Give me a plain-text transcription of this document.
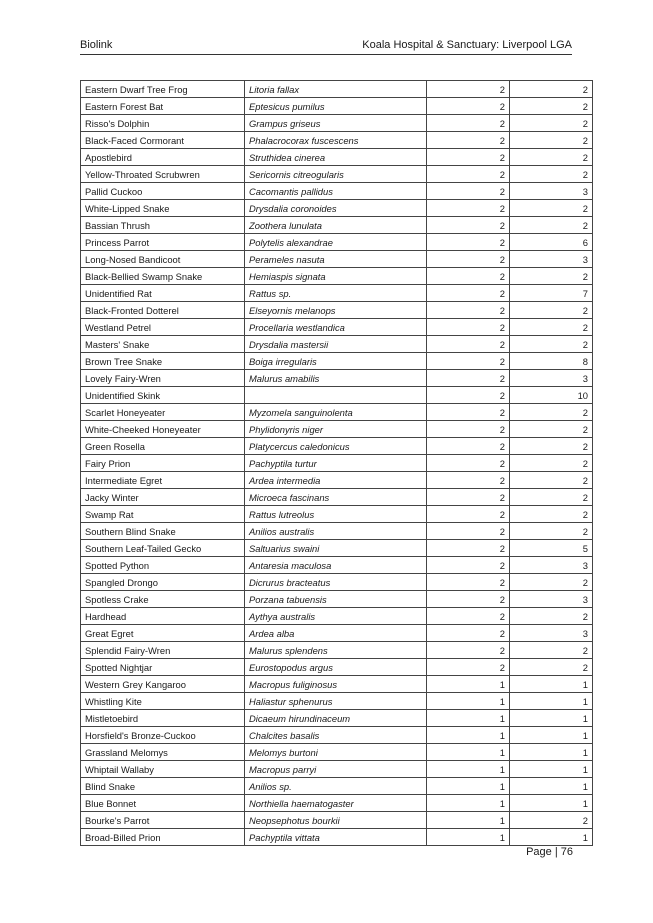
Biolink	Koala Hospital & Sanctuary: Liverpool LGA
Eastern Dwarf Tree Frog	Litoria fallax	2	2
Eastern Forest Bat	Eptesicus pumilus	2	2
Risso's Dolphin	Grampus griseus	2	2
Black-Faced Cormorant	Phalacrocorax fuscescens	2	2
Apostlebird	Struthidea cinerea	2	2
Yellow-Throated Scrubwren	Sericornis citreogularis	2	2
Pallid Cuckoo	Cacomantis pallidus	2	3
White-Lipped Snake	Drysdalia coronoides	2	2
Bassian Thrush	Zoothera lunulata	2	2
Princess Parrot	Polytelis alexandrae	2	6
Long-Nosed Bandicoot	Perameles nasuta	2	3
Black-Bellied Swamp Snake	Hemiaspis signata	2	2
Unidentified Rat	Rattus sp.	2	7
Black-Fronted Dotterel	Elseyornis melanops	2	2
Westland Petrel	Procellaria westlandica	2	2
Masters' Snake	Drysdalia mastersii	2	2
Brown Tree Snake	Boiga irregularis	2	8
Lovely Fairy-Wren	Malurus amabilis	2	3
Unidentified Skink		2	10
Scarlet Honeyeater	Myzomela sanguinolenta	2	2
White-Cheeked Honeyeater	Phylidonyris niger	2	2
Green Rosella	Platycercus caledonicus	2	2
Fairy Prion	Pachyptila turtur	2	2
Intermediate Egret	Ardea intermedia	2	2
Jacky Winter	Microeca fascinans	2	2
Swamp Rat	Rattus lutreolus	2	2
Southern Blind Snake	Anilios australis	2	2
Southern Leaf-Tailed Gecko	Saltuarius swaini	2	5
Spotted Python	Antaresia maculosa	2	3
Spangled Drongo	Dicrurus bracteatus	2	2
Spotless Crake	Porzana tabuensis	2	3
Hardhead	Aythya australis	2	2
Great Egret	Ardea alba	2	3
Splendid Fairy-Wren	Malurus splendens	2	2
Spotted Nightjar	Eurostopodus argus	2	2
Western Grey Kangaroo	Macropus fuliginosus	1	1
Whistling Kite	Haliastur sphenurus	1	1
Mistletoebird	Dicaeum hirundinaceum	1	1
Horsfield's Bronze-Cuckoo	Chalcites basalis	1	1
Grassland Melomys	Melomys burtoni	1	1
Whiptail Wallaby	Macropus parryi	1	1
Blind Snake	Anilios sp.	1	1
Blue Bonnet	Northiella haematogaster	1	1
Bourke's Parrot	Neopsephotus bourkii	1	2
Broad-Billed Prion	Pachyptila vittata	1	1
Page | 76
